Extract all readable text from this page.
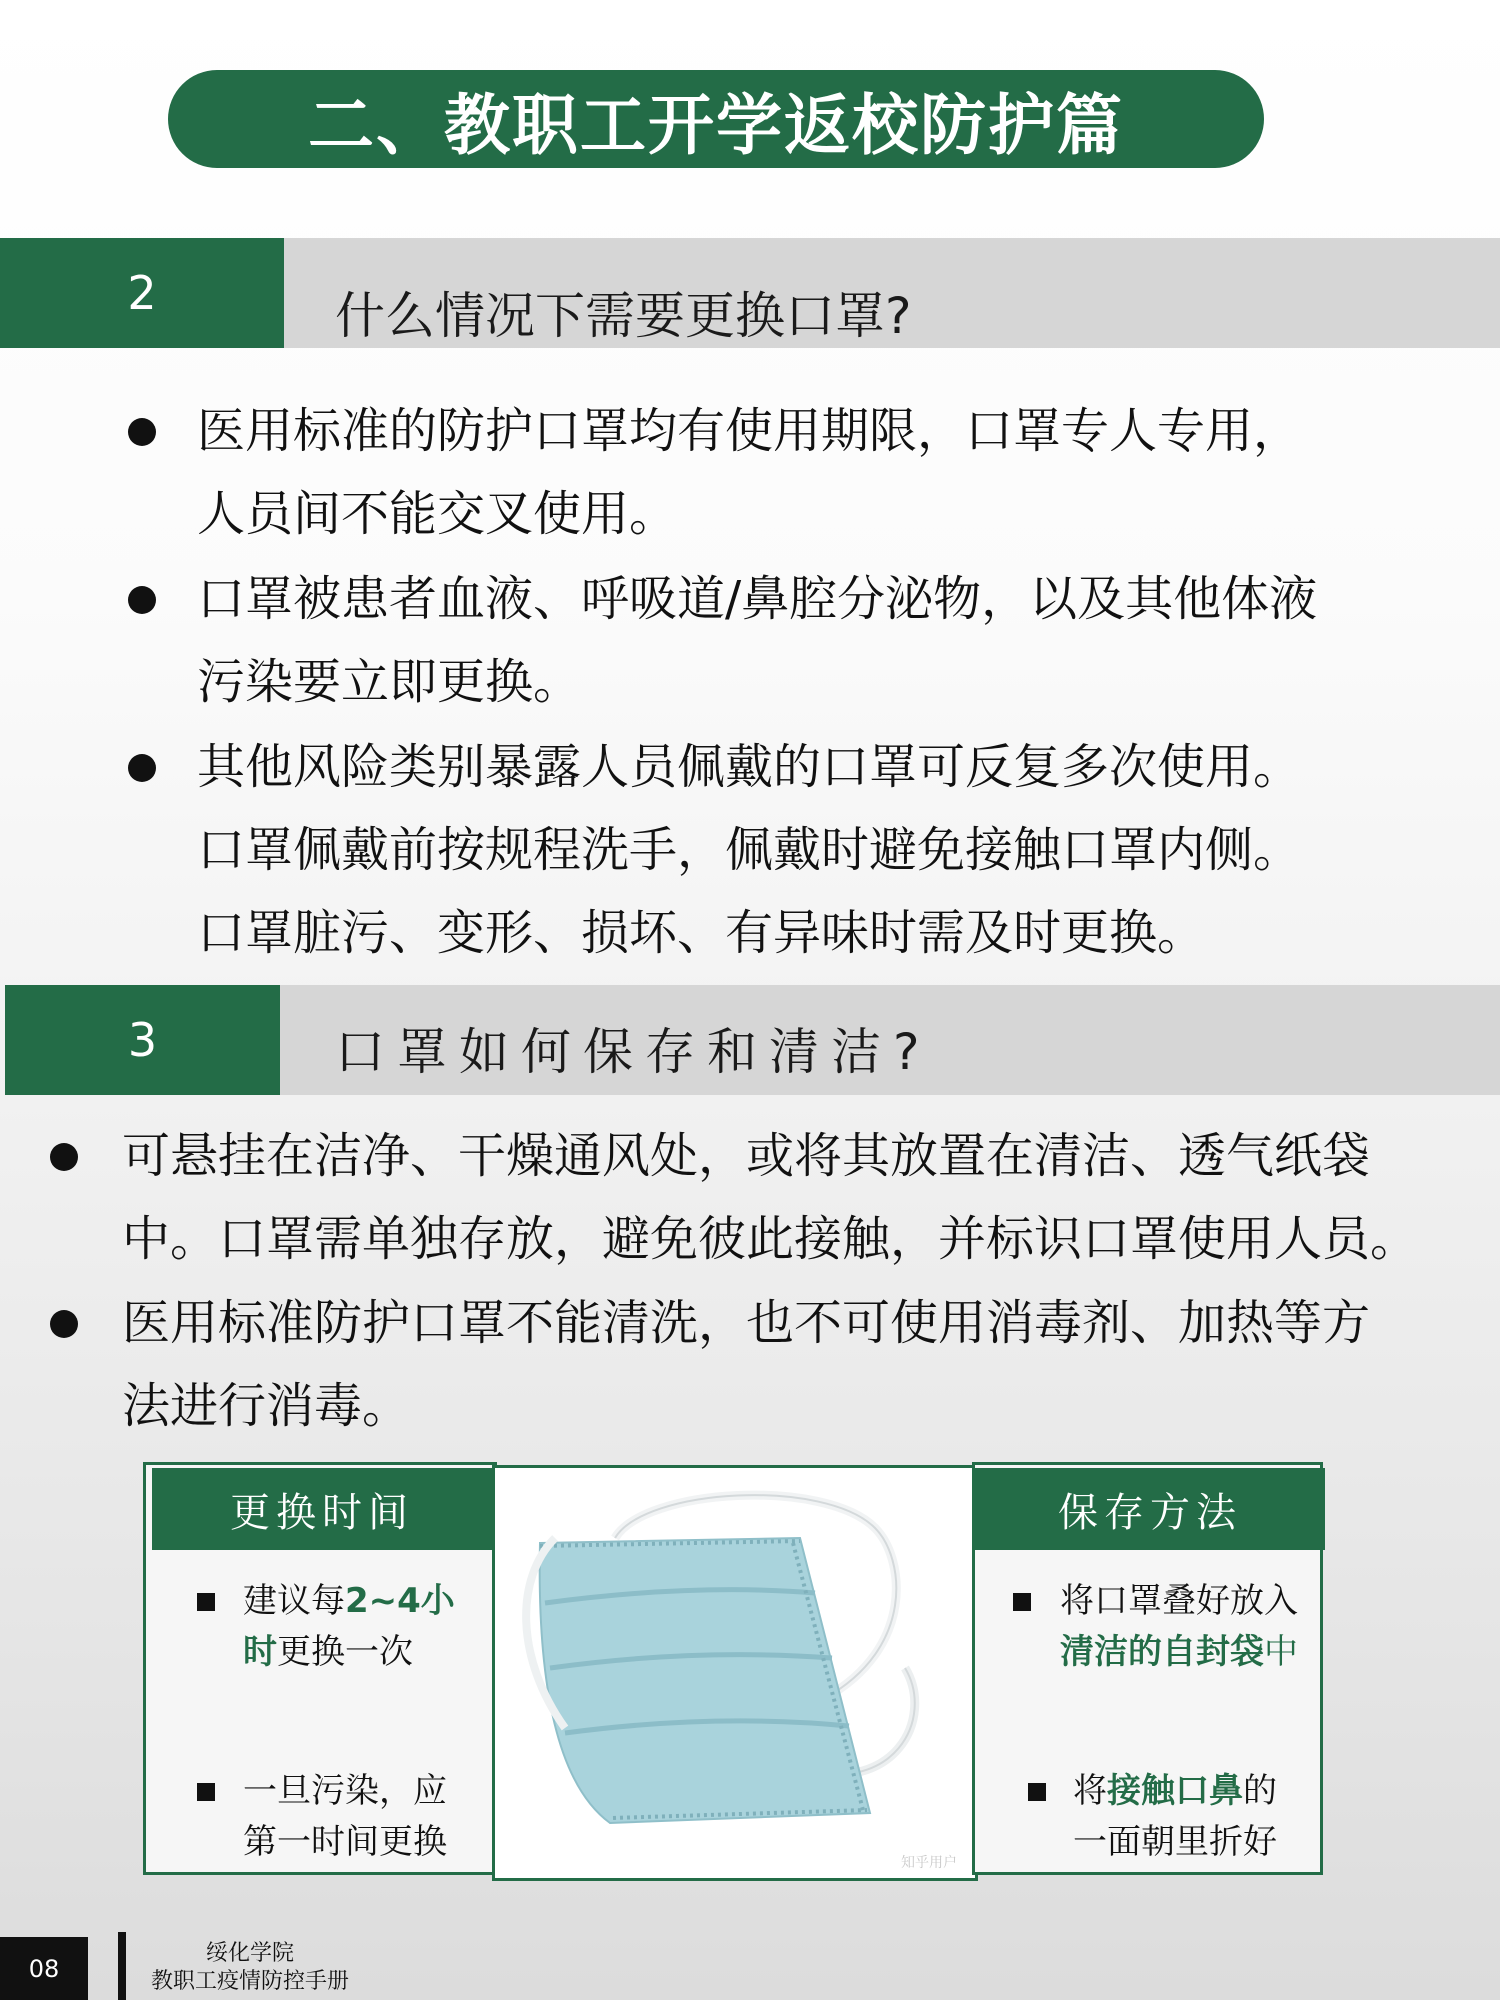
二、教职工开学返校防护篇
2	什么情况下需要更换口罩?
医用标准的防护口罩均有使用期限，口罩专人专用，
人员间不能交叉使用。
口罩被患者血液、呼吸道/鼻腔分泌物，以及其他体液
污染要立即更换。
其他风险类别暴露人员佩戴的口罩可反复多次使用。
口罩佩戴前按规程洗手，佩戴时避免接触口罩内侧。
口罩脏污、变形、损坏、有异味时需及时更换。
3	口罩如何保存和清洁?
可悬挂在洁净、干燥通风处，或将其放置在清洁、透气纸袋
中。口罩需单独存放，避免彼此接触，并标识口罩使用人员。
医用标准防护口罩不能清洗，也不可使用消毒剂、加热等方
法进行消毒。
更换时间
建议每2~4小
时更换一次
一旦污染，应
第一时间更换
知乎用户
保存方法
将口罩叠好放入
清洁的自封袋中
将接触口鼻的
一面朝里折好
08
绥化学院
教职工疫情防控手册
